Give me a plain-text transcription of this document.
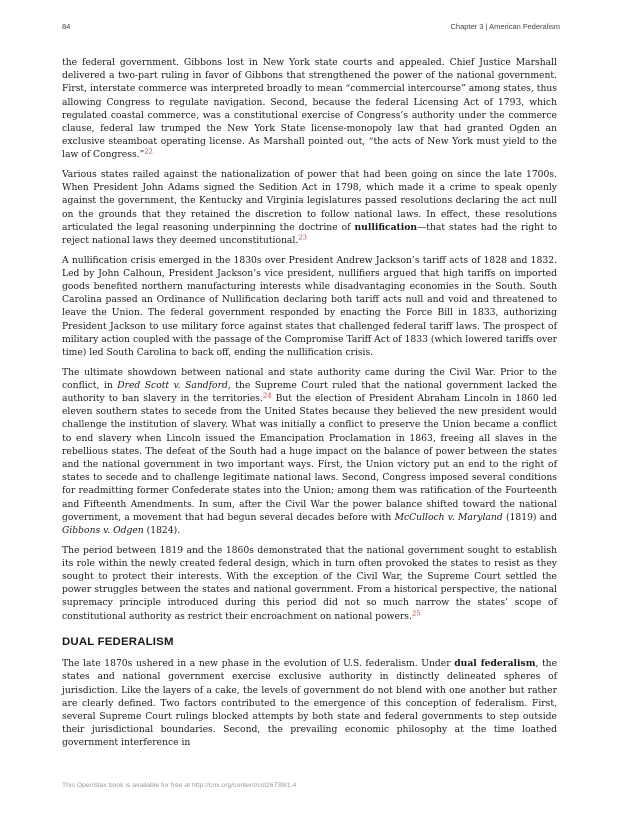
84	Chapter 3 | American Federalism

the federal government. Gibbons lost in New York state courts and appealed. Chief Justice Marshall delivered a two-part ruling in favor of Gibbons that strengthened the power of the national government. First, interstate commerce was interpreted broadly to mean “commercial intercourse” among states, thus allowing Congress to regulate navigation. Second, because the federal Licensing Act of 1793, which regulated coastal commerce, was a constitutional exercise of Congress’s authority under the commerce clause, federal law trumped the New York State license-monopoly law that had granted Ogden an exclusive steamboat operating license. As Marshall pointed out, “the acts of New York must yield to the law of Congress.”$^{22}$

Various states railed against the nationalization of power that had been going on since the late 1700s. When President John Adams signed the Sedition Act in 1798, which made it a crime to speak openly against the government, the Kentucky and Virginia legislatures passed resolutions declaring the act null on the grounds that they retained the discretion to follow national laws. In effect, these resolutions articulated the legal reasoning underpinning the doctrine of nullification—that states had the right to reject national laws they deemed unconstitutional.$^{23}$

A nullification crisis emerged in the 1830s over President Andrew Jackson’s tariff acts of 1828 and 1832. Led by John Calhoun, President Jackson’s vice president, nullifiers argued that high tariffs on imported goods benefited northern manufacturing interests while disadvantaging economies in the South. South Carolina passed an Ordinance of Nullification declaring both tariff acts null and void and threatened to leave the Union. The federal government responded by enacting the Force Bill in 1833, authorizing President Jackson to use military force against states that challenged federal tariff laws. The prospect of military action coupled with the passage of the Compromise Tariff Act of 1833 (which lowered tariffs over time) led South Carolina to back off, ending the nullification crisis.

The ultimate showdown between national and state authority came during the Civil War. Prior to the conflict, in Dred Scott v. Sandford, the Supreme Court ruled that the national government lacked the authority to ban slavery in the territories.$^{24}$ But the election of President Abraham Lincoln in 1860 led eleven southern states to secede from the United States because they believed the new president would challenge the institution of slavery. What was initially a conflict to preserve the Union became a conflict to end slavery when Lincoln issued the Emancipation Proclamation in 1863, freeing all slaves in the rebellious states. The defeat of the South had a huge impact on the balance of power between the states and the national government in two important ways. First, the Union victory put an end to the right of states to secede and to challenge legitimate national laws. Second, Congress imposed several conditions for readmitting former Confederate states into the Union; among them was ratification of the Fourteenth and Fifteenth Amendments. In sum, after the Civil War the power balance shifted toward the national government, a movement that had begun several decades before with McCulloch v. Maryland (1819) and Gibbons v. Odgen (1824).

The period between 1819 and the 1860s demonstrated that the national government sought to establish its role within the newly created federal design, which in turn often provoked the states to resist as they sought to protect their interests. With the exception of the Civil War, the Supreme Court settled the power struggles between the states and national government. From a historical perspective, the national supremacy principle introduced during this period did not so much narrow the states’ scope of constitutional authority as restrict their encroachment on national powers.$^{25}$

DUAL FEDERALISM

The late 1870s ushered in a new phase in the evolution of U.S. federalism. Under dual federalism, the states and national government exercise exclusive authority in distinctly delineated spheres of jurisdiction. Like the layers of a cake, the levels of government do not blend with one another but rather are clearly defined. Two factors contributed to the emergence of this conception of federalism. First, several Supreme Court rulings blocked attempts by both state and federal governments to step outside their jurisdictional boundaries. Second, the prevailing economic philosophy at the time loathed government interference in

This OpenStax book is available for free at http://cnx.org/content/col26739/1.4
